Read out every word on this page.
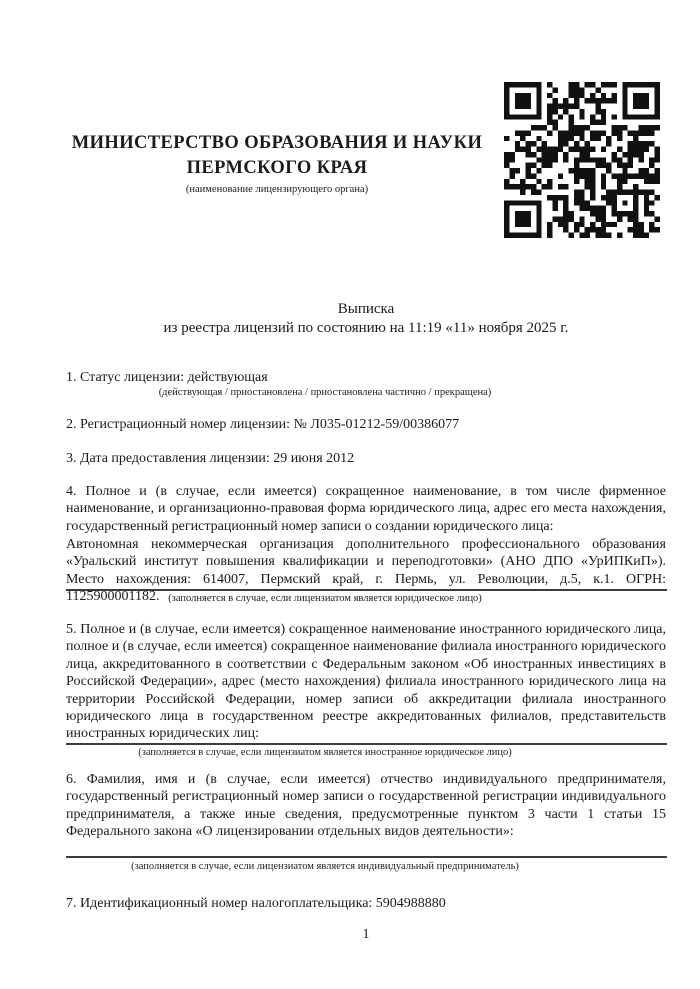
МИНИСТЕРСТВО ОБРАЗОВАНИЯ И НАУКИ
ПЕРМСКОГО КРАЯ
(наименование лицензирующего органа)
Выписка
из реестра лицензий по состоянию на 11:19 «11» ноября 2025 г.
1. Статус лицензии: действующая
(действующая / приостановлена / приостановлена частично / прекращена)
2. Регистрационный номер лицензии: № Л035-01212-59/00386077
3. Дата предоставления лицензии: 29 июня 2012
4. Полное и (в случае, если имеется) сокращенное наименование, в том числе фирменное наименование, и организационно-правовая форма юридического лица, адрес его места нахождения, государственный регистрационный номер записи о создании юридического лица:
Автономная некоммерческая организация дополнительного профессионального образования «Уральский институт повышения квалификации и переподготовки» (АНО ДПО «УрИПКиП»). Место нахождения: 614007, Пермский край, г. Пермь, ул. Революции, д.5, к.1. ОГРН: 1125900001182. (заполняется в случае, если лицензиатом является юридическое лицо)
5. Полное и (в случае, если имеется) сокращенное наименование иностранного юридического лица, полное и (в случае, если имеется) сокращенное наименование филиала иностранного юридического лица, аккредитованного в соответствии с Федеральным законом «Об иностранных инвестициях в Российской Федерации», адрес (место нахождения) филиала иностранного юридического лица на территории Российской Федерации, номер записи об аккредитации филиала иностранного юридического лица в государственном реестре аккредитованных филиалов, представительств иностранных юридических лиц:
(заполняется в случае, если лицензиатом является иностранное юридическое лицо)
6. Фамилия, имя и (в случае, если имеется) отчество индивидуального предпринимателя, государственный регистрационный номер записи о государственной регистрации индивидуального предпринимателя, а также иные сведения, предусмотренные пунктом 3 части 1 статьи 15 Федерального закона «О лицензировании отдельных видов деятельности»:
(заполняется в случае, если лицензиатом является индивидуальный предприниматель)
7. Идентификационный номер налогоплательщика: 5904988880
1
